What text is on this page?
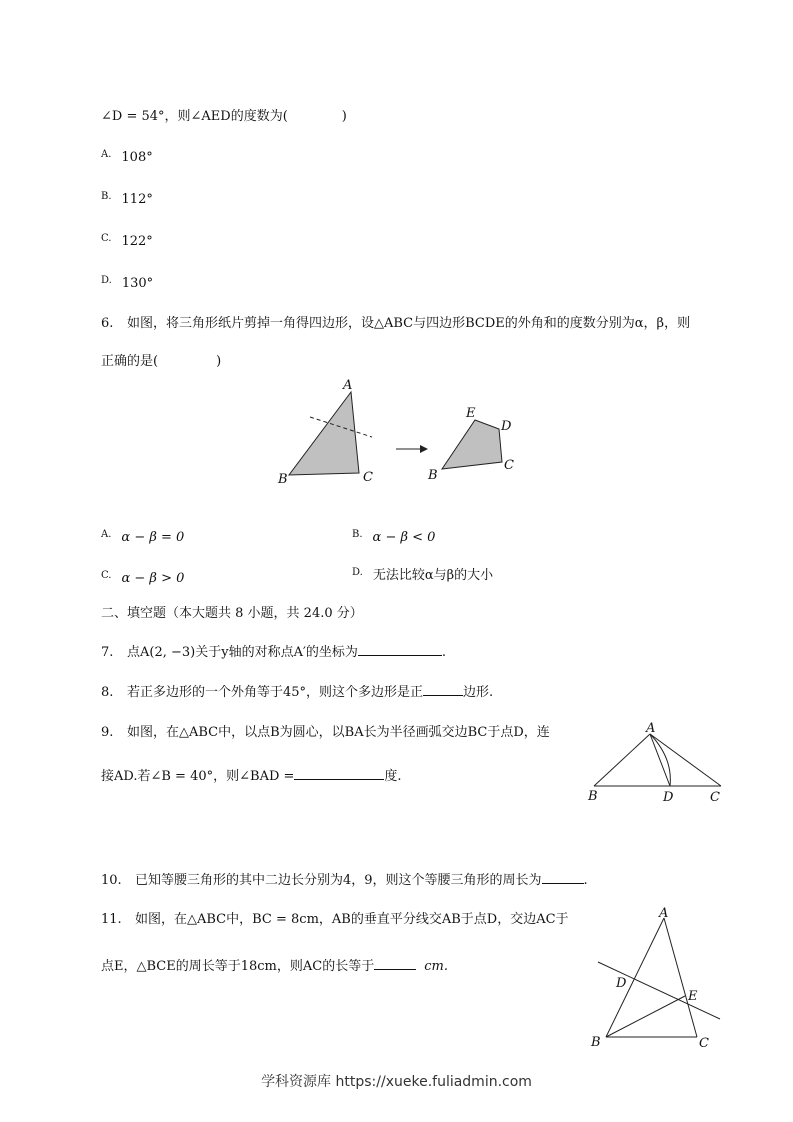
∠D = 54°，则∠AED的度数为(	)
$^{A.}$ 108°
$^{B.}$ 112°
$^{C.}$ 122°
$^{D.}$ 130°
6. 如图，将三角形纸片剪掉一角得四边形，设△ABC与四边形BCDE的外角和的度数分别为α，β，则
正确的是(	)
A
B	C
E
D
B
C
$^{A.}$ α − β = 0	$^{B.}$ α − β < 0
$^{C.}$ α − β > 0	$^{D.}$ 无法比较α与β的大小
二、填空题（本大题共 8 小题，共 24.0 分）
7. 点A(2, −3)关于y轴的对称点A′的坐标为	.
8. 若正多边形的一个外角等于45°，则这个多边形是正	边形.
9. 如图，在△ABC中，以点B为圆心，以BA长为半径画弧交边BC于点D，连
接AD.若∠B = 40°，则∠BAD =	度.
A
B	D	C
10. 已知等腰三角形的其中二边长分别为4，9，则这个等腰三角形的周长为	.
11. 如图，在△ABC中，BC = 8cm，AB的垂直平分线交AB于点D，交边AC于
点E，△BCE的周长等于18cm，则AC的长等于	cm.
A
D
E
B	C
学科资源库 https://xueke.fuliadmin.com
